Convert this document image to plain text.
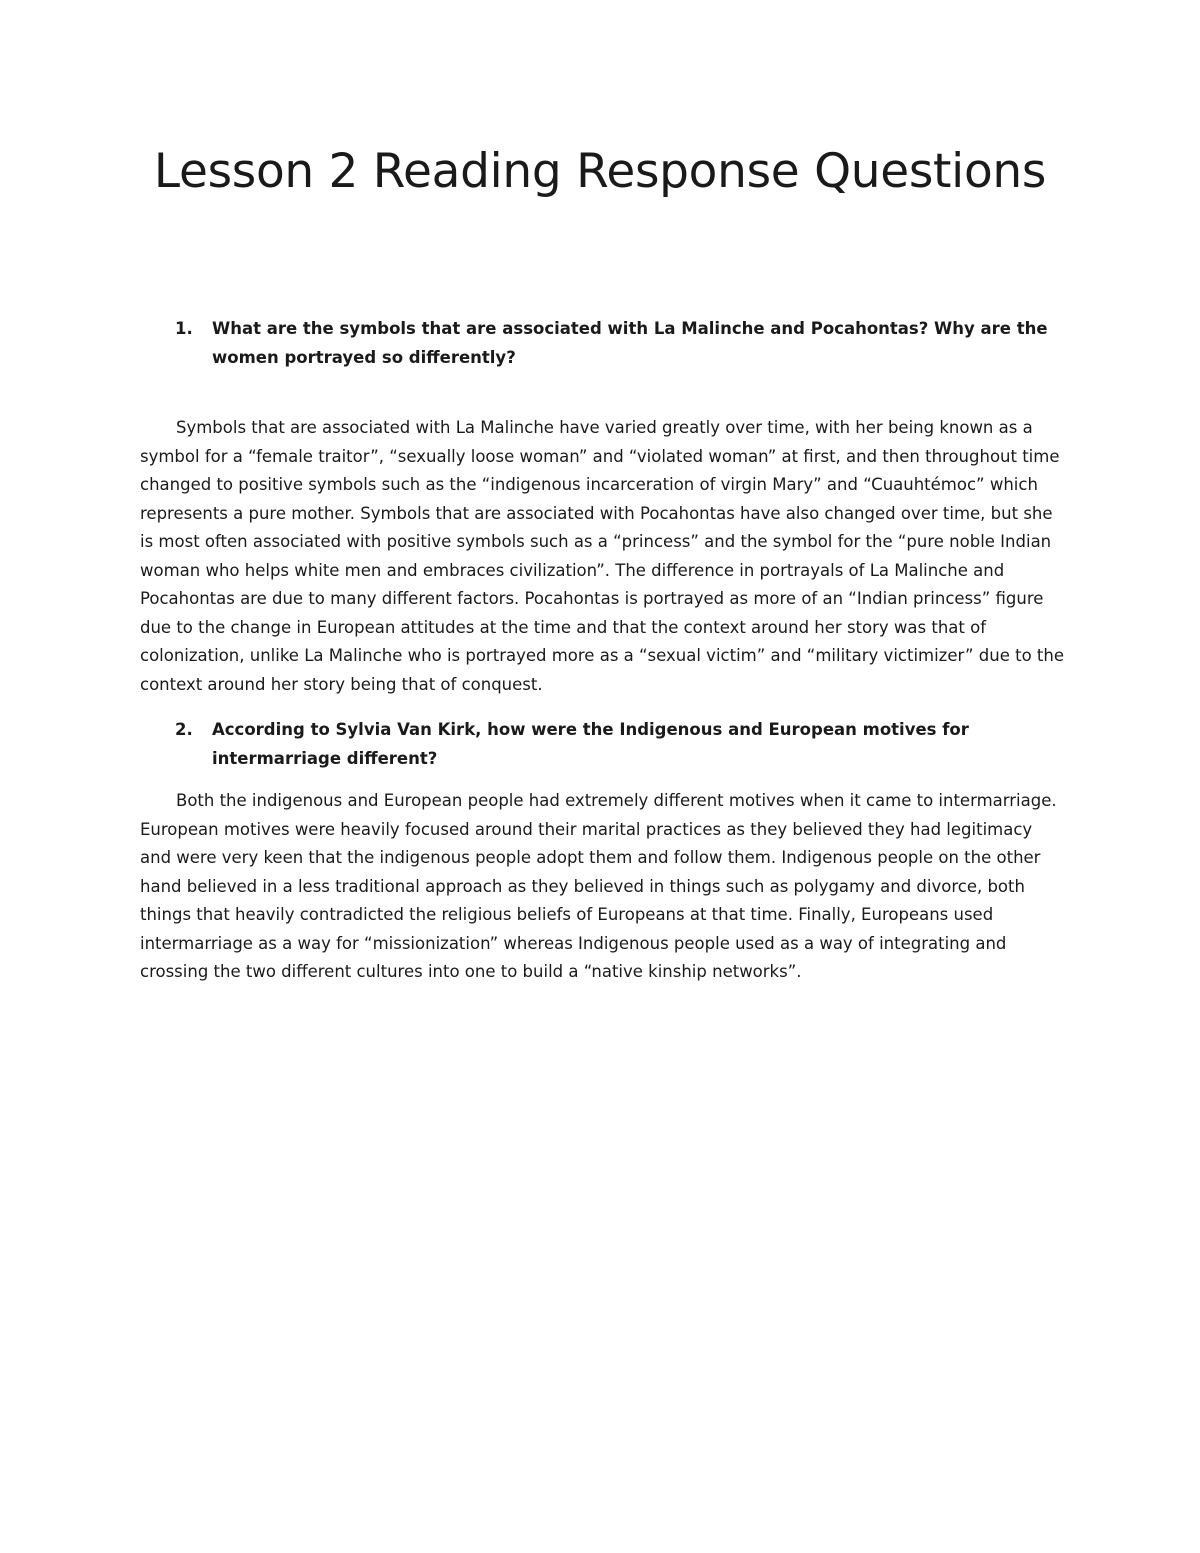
Lesson 2 Reading Response Questions
1. What are the symbols that are associated with La Malinche and Pocahontas? Why are the women portrayed so differently?

Symbols that are associated with La Malinche have varied greatly over time, with her being known as a symbol for a “female traitor”, “sexually loose woman” and “violated woman” at first, and then throughout time changed to positive symbols such as the “indigenous incarceration of virgin Mary” and “Cuauhtémoc” which represents a pure mother. Symbols that are associated with Pocahontas have also changed over time, but she is most often associated with positive symbols such as a “princess” and the symbol for the “pure noble Indian woman who helps white men and embraces civilization”. The difference in portrayals of La Malinche and Pocahontas are due to many different factors. Pocahontas is portrayed as more of an “Indian princess” figure due to the change in European attitudes at the time and that the context around her story was that of colonization, unlike La Malinche who is portrayed more as a “sexual victim” and “military victimizer” due to the context around her story being that of conquest.

2. According to Sylvia Van Kirk, how were the Indigenous and European motives for intermarriage different?

Both the indigenous and European people had extremely different motives when it came to intermarriage. European motives were heavily focused around their marital practices as they believed they had legitimacy and were very keen that the indigenous people adopt them and follow them. Indigenous people on the other hand believed in a less traditional approach as they believed in things such as polygamy and divorce, both things that heavily contradicted the religious beliefs of Europeans at that time. Finally, Europeans used intermarriage as a way for “missionization” whereas Indigenous people used as a way of integrating and crossing the two different cultures into one to build a “native kinship networks”.
